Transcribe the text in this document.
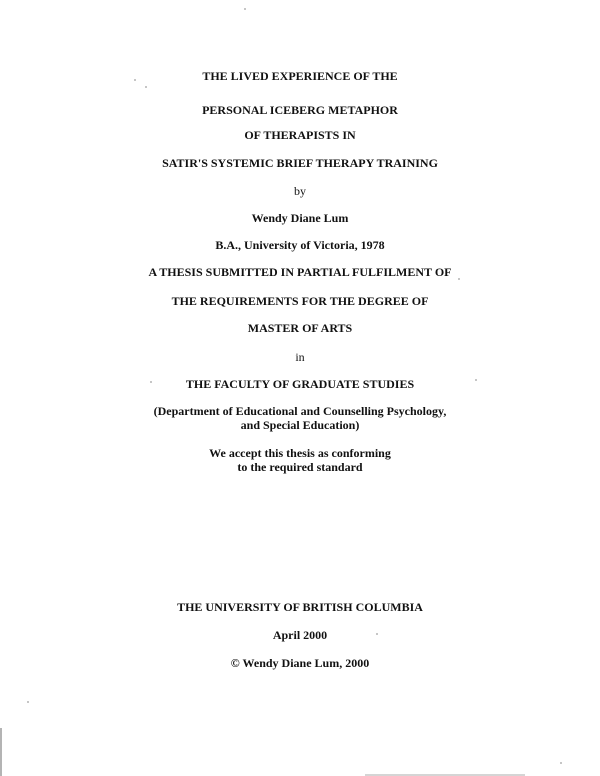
THE LIVED EXPERIENCE OF THE
PERSONAL ICEBERG METAPHOR
OF THERAPISTS IN
SATIR'S SYSTEMIC BRIEF THERAPY TRAINING
by
Wendy Diane Lum
B.A., University of Victoria, 1978
A THESIS SUBMITTED IN PARTIAL FULFILMENT OF
THE REQUIREMENTS FOR THE DEGREE OF
MASTER OF ARTS
in
THE FACULTY OF GRADUATE STUDIES
(Department of Educational and Counselling Psychology,
and Special Education)
We accept this thesis as conforming
to the required standard
THE UNIVERSITY OF BRITISH COLUMBIA
April 2000
© Wendy Diane Lum, 2000
